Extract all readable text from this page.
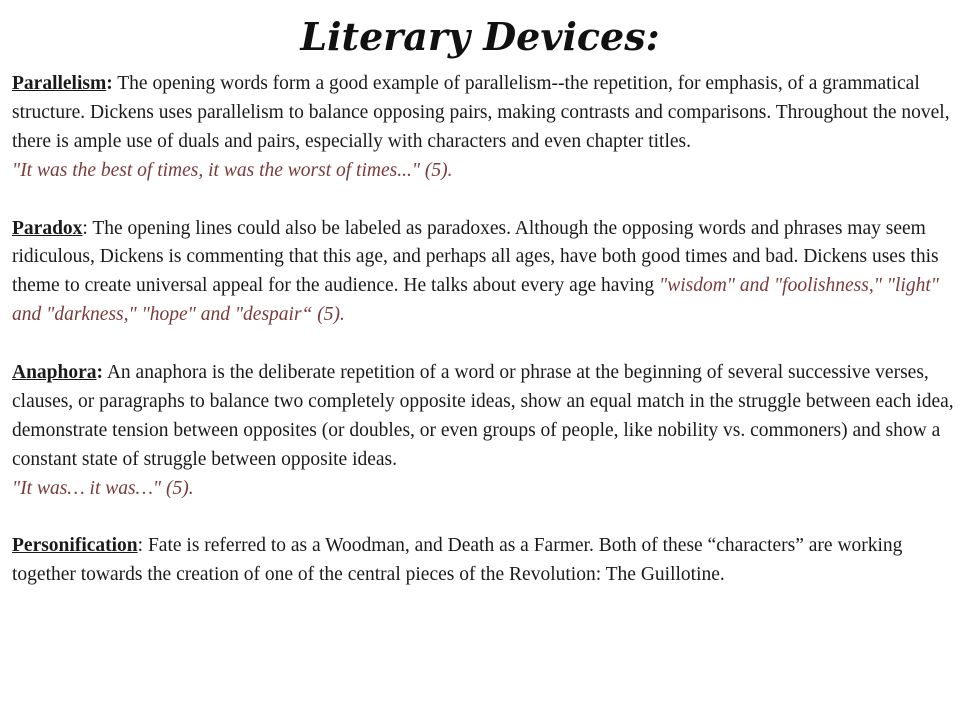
Literary Devices:

Parallelism: The opening words form a good example of parallelism--the repetition, for emphasis, of a grammatical structure. Dickens uses parallelism to balance opposing pairs, making contrasts and comparisons. Throughout the novel, there is ample use of duals and pairs, especially with characters and even chapter titles.
"It was the best of times, it was the worst of times..." (5).

Paradox: The opening lines could also be labeled as paradoxes. Although the opposing words and phrases may seem ridiculous, Dickens is commenting that this age, and perhaps all ages, have both good times and bad. Dickens uses this theme to create universal appeal for the audience. He talks about every age having "wisdom" and "foolishness," "light" and "darkness," "hope" and "despair“ (5).

Anaphora: An anaphora is the deliberate repetition of a word or phrase at the beginning of several successive verses, clauses, or paragraphs to balance two completely opposite ideas, show an equal match in the struggle between each idea, demonstrate tension between opposites (or doubles, or even groups of people, like nobility vs. commoners) and show a constant state of struggle between opposite ideas.
"It was… it was…" (5).

Personification: Fate is referred to as a Woodman, and Death as a Farmer. Both of these “characters” are working together towards the creation of one of the central pieces of the Revolution: The Guillotine.
